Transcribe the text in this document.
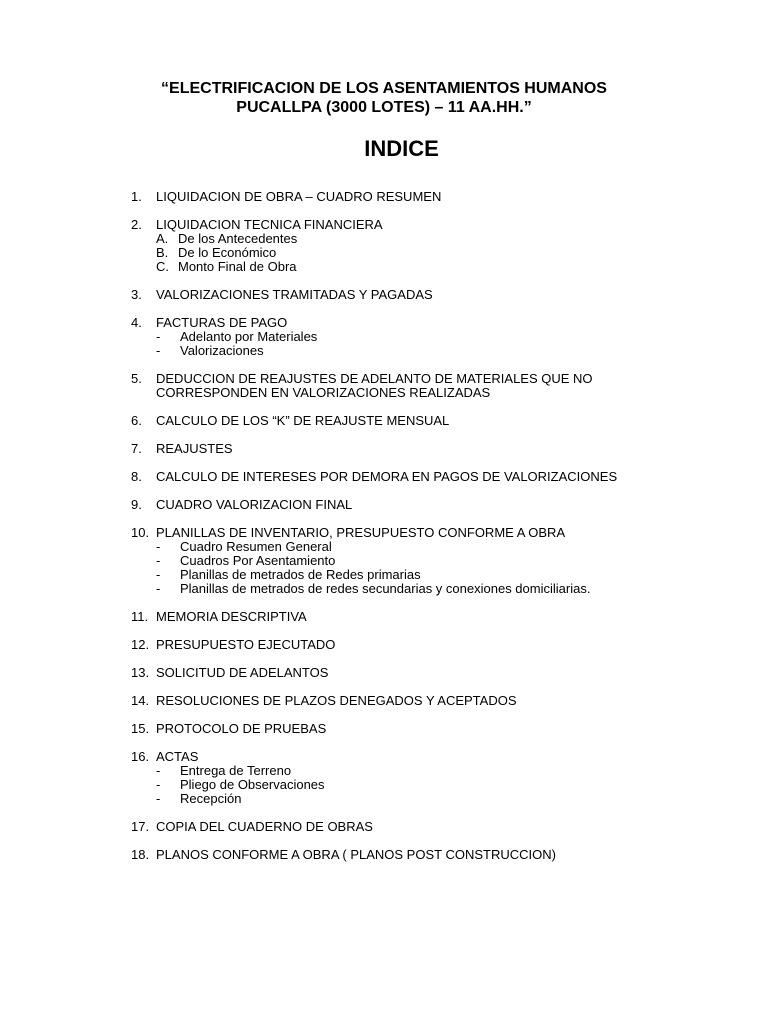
“ELECTRIFICACION DE LOS ASENTAMIENTOS HUMANOS
PUCALLPA (3000 LOTES) – 11 AA.HH.”
INDICE
1.	LIQUIDACION DE OBRA – CUADRO RESUMEN
2.	LIQUIDACION TECNICA FINANCIERA
A. De los Antecedentes
B. De lo Económico
C. Monto Final de Obra
3.	VALORIZACIONES TRAMITADAS Y PAGADAS
4.	FACTURAS DE PAGO
-	Adelanto por Materiales
-	Valorizaciones
5.	DEDUCCION DE REAJUSTES DE ADELANTO DE MATERIALES QUE NO
CORRESPONDEN EN VALORIZACIONES REALIZADAS
6.	CALCULO DE LOS “K” DE REAJUSTE MENSUAL
7.	REAJUSTES
8.	CALCULO DE INTERESES POR DEMORA EN PAGOS DE VALORIZACIONES
9.	CUADRO VALORIZACION FINAL
10. PLANILLAS DE INVENTARIO, PRESUPUESTO CONFORME A OBRA
-	Cuadro Resumen General
-	Cuadros Por Asentamiento
-	Planillas de metrados de Redes primarias
-	Planillas de metrados de redes secundarias y conexiones domiciliarias.
11. MEMORIA DESCRIPTIVA
12. PRESUPUESTO EJECUTADO
13. SOLICITUD DE ADELANTOS
14. RESOLUCIONES DE PLAZOS DENEGADOS Y ACEPTADOS
15. PROTOCOLO DE PRUEBAS
16. ACTAS
-	Entrega de Terreno
-	Pliego de Observaciones
-	Recepción
17. COPIA DEL CUADERNO DE OBRAS
18. PLANOS CONFORME A OBRA ( PLANOS POST CONSTRUCCION)
